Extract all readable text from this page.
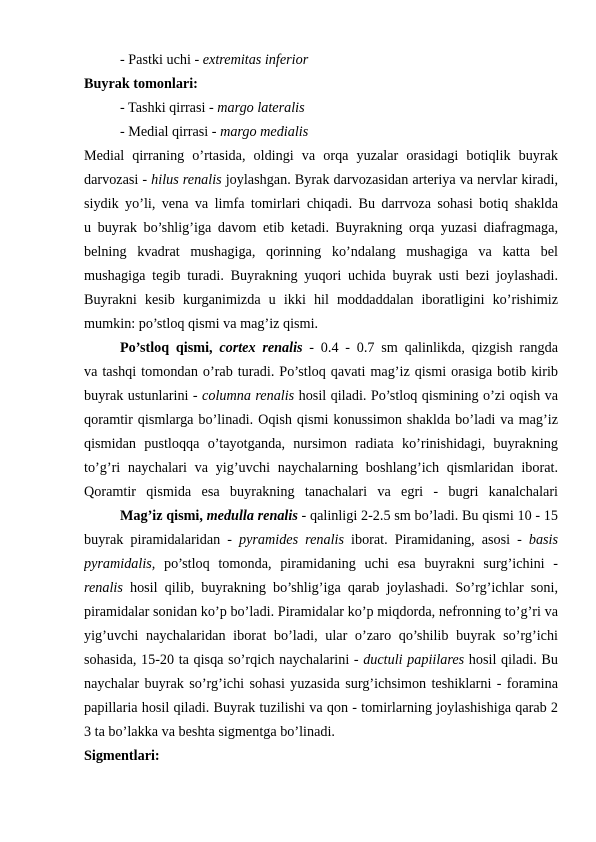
- Pastki uchi - extremitas inferior
Buyrak tomonlari:
- Tashki qirrasi - margo lateralis
- Medial qirrasi - margo medialis
Medial qirraning o’rtasida, oldingi va orqa yuzalar orasidagi botiqlik buyrak
darvozasi - hilus renalis joylashgan. Byrak darvozasidan arteriya va nervlar kiradi,
siydik yo’li, vena va limfa tomirlari chiqadi. Bu darrvoza sohasi botiq shaklda
u buyrak bo’shlig’iga davom etib ketadi. Buyrakning orqa yuzasi diafragmaga,
belning kvadrat mushagiga, qorinning ko’ndalang mushagiga va katta bel
mushagiga tegib turadi. Buyrakning yuqori uchida buyrak usti bezi joylashadi.
Buyrakni kesib kurganimizda u ikki hil moddaddalan iboratligini ko’rishimiz
mumkin: po’stloq qismi va mag’iz qismi.
Po’stloq qismi, cortex renalis - 0.4 - 0.7 sm qalinlikda, qizgish rangda
va tashqi tomondan o’rab turadi. Po’stloq qavati mag’iz qismi orasiga botib kirib
buyrak ustunlarini - columna renalis hosil qiladi. Po’stloq qismining o’zi oqish va
qoramtir qismlarga bo’linadi. Oqish qismi konussimon shaklda bo’ladi va mag’iz
qismidan pustloqqa o’tayotganda, nursimon radiata ko’rinishidagi, buyrakning
to’g’ri naychalari va yig’uvchi naychalarning boshlang’ich qismlaridan iborat.
Qoramtir qismida esa buyrakning tanachalari va egri - bugri kanalchalari
Mag’iz qismi, medulla renalis - qalinligi 2-2.5 sm bo’ladi. Bu qismi 10 - 15
buyrak piramidalaridan - pyramides renalis iborat. Piramidaning, asosi - basis
pyramidalis, po’stloq tomonda, piramidaning uchi esa buyrakni surg’ichini -
renalis hosil qilib, buyrakning bo’shlig’iga qarab joylashadi. So’rg’ichlar soni,
piramidalar sonidan ko’p bo’ladi. Piramidalar ko’p miqdorda, nefronning to’g’ri va
yig’uvchi naychalaridan iborat bo’ladi, ular o’zaro qo’shilib buyrak so’rg’ichi
sohasida, 15-20 ta qisqa so’rqich naychalarini - ductuli papiilares hosil qiladi. Bu
naychalar buyrak so’rg’ichi sohasi yuzasida surg’ichsimon teshiklarni - foramina
papillaria hosil qiladi. Buyrak tuzilishi va qon - tomirlarning joylashishiga qarab 2
3 ta bo’lakka va beshta sigmentga bo’linadi.
Sigmentlari:
